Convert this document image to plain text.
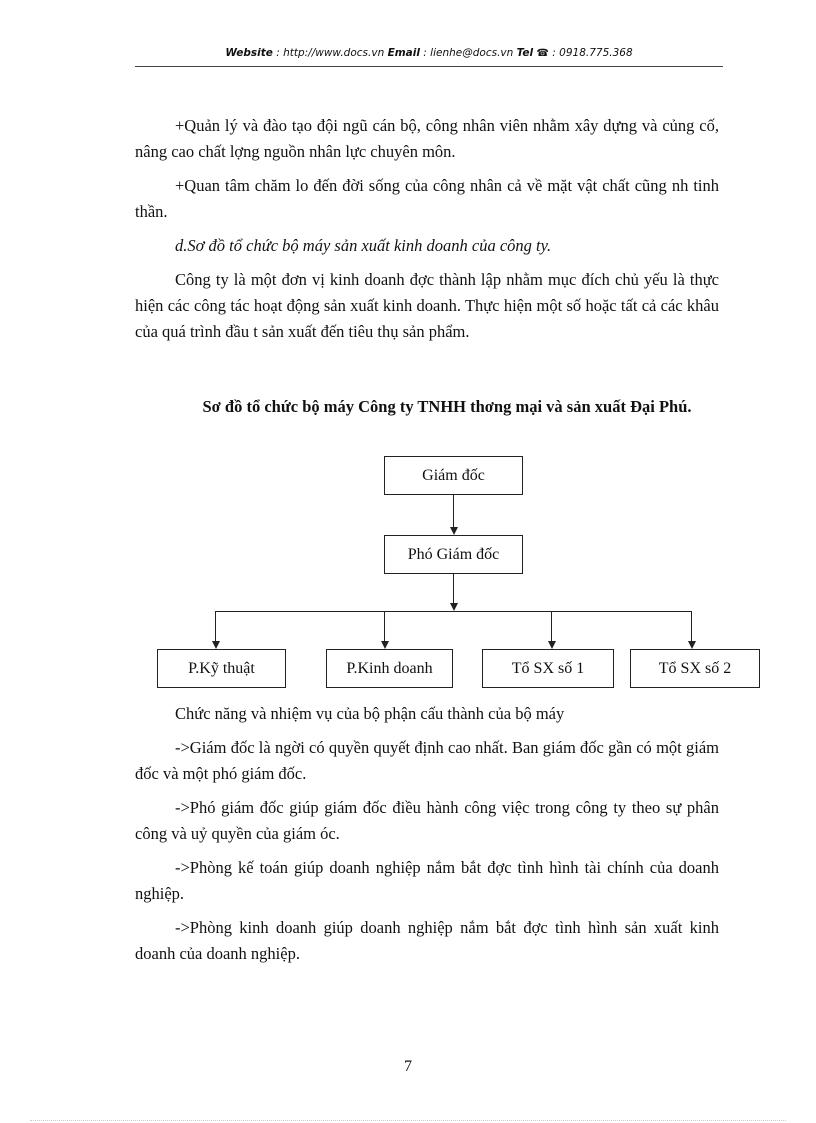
Website : http://www.docs.vn Email : lienhe@docs.vn Tel ☎ : 0918.775.368

+Quản lý và đào tạo đội ngũ cán bộ, công nhân viên nhằm xây dựng và củng cố, nâng cao chất lợng nguồn nhân lực chuyên môn.

+Quan tâm chăm lo đến đời sống của công nhân cả về mặt vật chất cũng nh tinh thần.

d.Sơ đồ tổ chức bộ máy sản xuất kinh doanh của công ty.

Công ty là một đơn vị kinh doanh đợc thành lập nhằm mục đích chủ yếu là thực hiện các công tác hoạt động sản xuất kinh doanh. Thực hiện một số hoặc tất cả các khâu của quá trình đầu t sản xuất đến tiêu thụ sản phẩm.

Sơ đồ tổ chức bộ máy Công ty TNHH thơng mại và sản xuất Đại Phú.
Giám đốc
Phó Giám đốc
P.Kỹ thuật	P.Kinh doanh	Tổ SX số 1	Tổ SX số 2

Chức năng và nhiệm vụ của bộ phận cấu thành của bộ máy

->Giám đốc là ngời có quyền quyết định cao nhất. Ban giám đốc gần có một giám đốc và một phó giám đốc.

->Phó giám đốc giúp giám đốc điều hành công việc trong công ty theo sự phân công và uỷ quyền của giám óc.

->Phòng kế toán giúp doanh nghiệp nắm bắt đợc tình hình tài chính của doanh nghiệp.

->Phòng kinh doanh giúp doanh nghiệp nắm bắt đợc tình hình sản xuất kinh doanh của doanh nghiệp.

7
